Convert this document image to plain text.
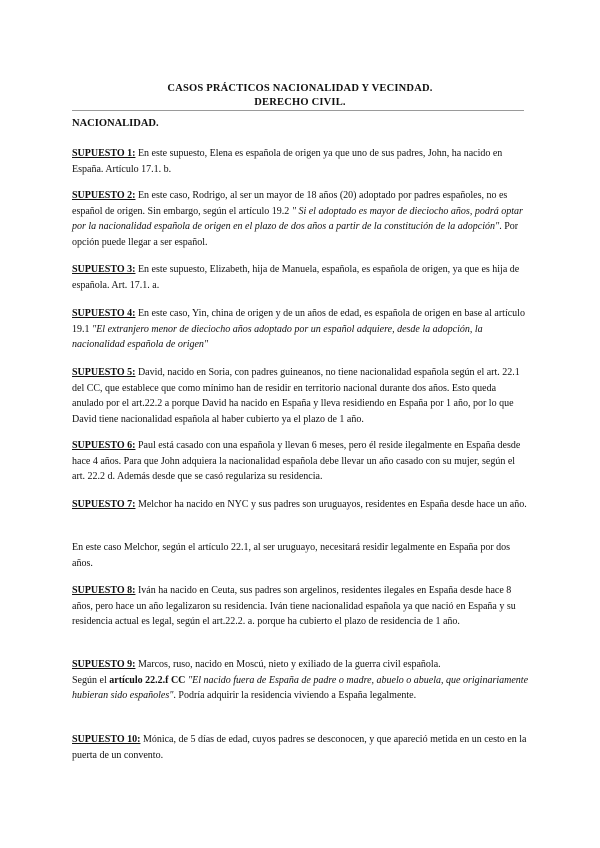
CASOS PRÁCTICOS NACIONALIDAD Y VECINDAD.
DERECHO CIVIL.
NACIONALIDAD.
SUPUESTO 1: En este supuesto, Elena es española de origen ya que uno de sus padres, John, ha nacido en España. Artículo 17.1. b.
SUPUESTO 2: En este caso, Rodrigo, al ser un mayor de 18 años (20) adoptado por padres españoles, no es español de origen. Sin embargo, según el artículo 19.2 " Si el adoptado es mayor de dieciocho años, podrá optar por la nacionalidad española de origen en el plazo de dos años a partir de la constitución de la adopción". Por opción puede llegar a ser español.
SUPUESTO 3: En este supuesto, Elizabeth, hija de Manuela, española, es española de origen, ya que es hija de española. Art. 17.1. a.
SUPUESTO 4: En este caso, Yin, china de origen y de un años de edad, es española de origen en base al artículo 19.1 "El extranjero menor de dieciocho años adoptado por un español adquiere, desde la adopción, la nacionalidad española de origen"
SUPUESTO 5: David, nacido en Soria, con padres guineanos, no tiene nacionalidad española según el art. 22.1 del CC, que establece que como mínimo han de residir en territorio nacional durante dos años. Esto queda anulado por el art.22.2 a porque David ha nacido en España y lleva residiendo en España por 1 año, por lo que David tiene nacionalidad española al haber cubierto ya el plazo de 1 año.
SUPUESTO 6: Paul está casado con una española y llevan 6 meses, pero él reside ilegalmente en España desde hace 4 años. Para que John adquiera la nacionalidad española debe llevar un año casado con su mujer, según el art. 22.2 d. Además desde que se casó regulariza su residencia.
SUPUESTO 7: Melchor ha nacido en NYC y sus padres son uruguayos, residentes en España desde hace un año.
En este caso Melchor, según el artículo 22.1, al ser uruguayo, necesitará residir legalmente en España por dos años.
SUPUESTO 8: Iván ha nacido en Ceuta, sus padres son argelinos, residentes ilegales en España desde hace 8 años, pero hace un año legalizaron su residencia. Iván tiene nacionalidad española ya que nació en España y su residencia actual es legal, según el art.22.2. a. porque ha cubierto el plazo de residencia de 1 año.
SUPUESTO 9: Marcos, ruso, nacido en Moscú, nieto y exiliado de la guerra civil española.
Según el artículo 22.2.f CC "El nacido fuera de España de padre o madre, abuelo o abuela, que originariamente hubieran sido españoles". Podría adquirir la residencia viviendo a España legalmente.
SUPUESTO 10: Mónica, de 5 días de edad, cuyos padres se desconocen, y que apareció metida en un cesto en la puerta de un convento.
